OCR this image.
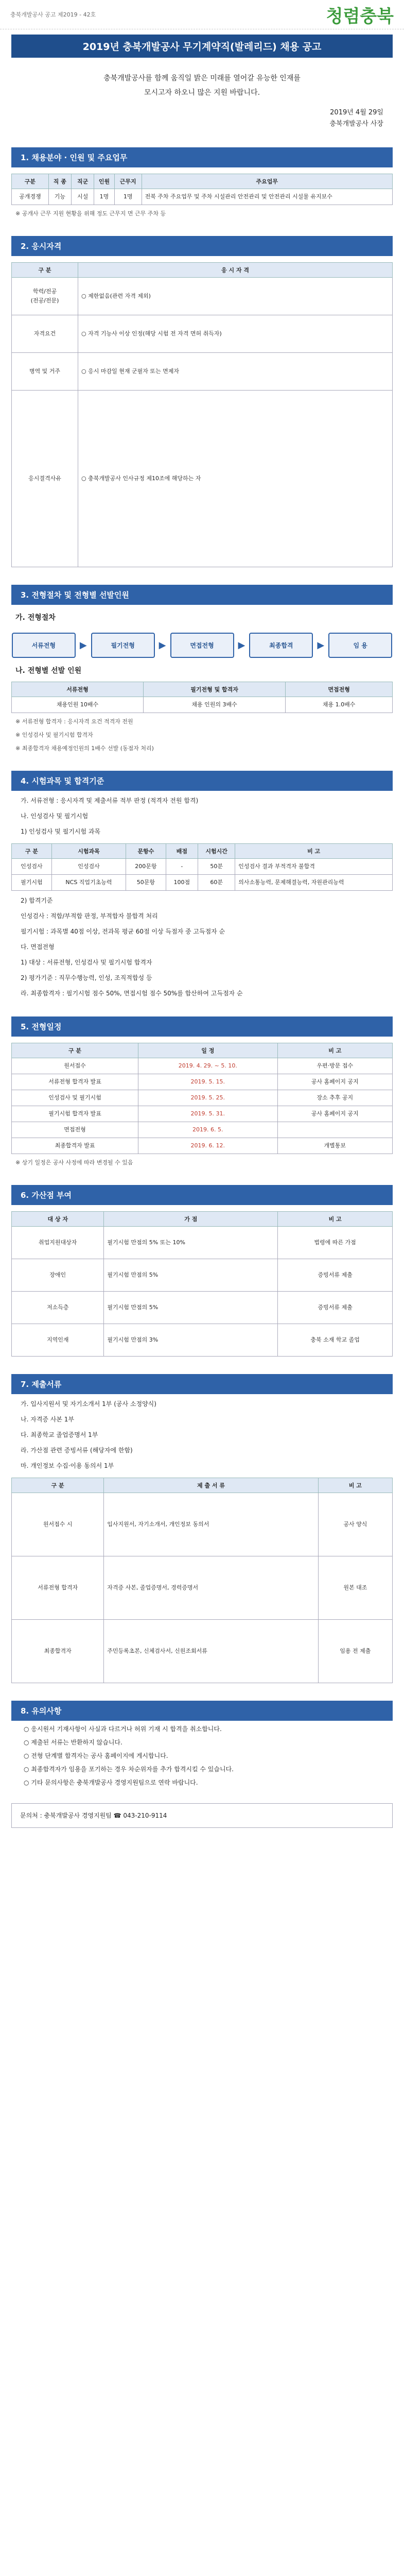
충북개발공사 공고 제2019 - 42호	청렴충북
2019년 충북개발공사 무기계약직(발레리드) 채용 공고
충북개발공사를 함께 움직일 밝은 미래를 열어갈 유능한 인재를
모시고자 하오니 많은 지원 바랍니다.
2019년 4월 29일
충북개발공사 사장
1. 채용분야 · 인원 및 주요업무
구분	직 종	직군	인원	근무지	주요업무
공개경쟁	기능	시설	1명	1명	전북 주차 주요업무 및 주차 시설관리 안전관리 및 안전관리 시설물 유지보수
※ 공개사 근무 지원 현황을 위해 정도 근무지 면 근무 주차 등
2. 응시자격
구 분	응 시 자 격
학력/전공
(전공/전문)	○ 제한없음(관련 자격 제외)
자격요건	○ 자격 기능사 이상 인정(해당 시험 전 자격 면허 취득자)
병역 및 거주	○ 응시 마감일 현재 군필자 또는 면제자
응시결격사유	○ 충북개발공사 인사규정 제10조에 해당하는 자
3. 전형절차 및 전형별 선발인원
가. 전형절차
서류전형	▶	필기전형	▶	면접전형	▶	최종합격	▶	임 용
나. 전형별 선발 인원
서류전형	필기전형 및 합격자	면접전형
채용인원 10배수	채용 인원의 3배수	채용 1.0배수
※ 서류전형 합격자 : 응시자격 요건 적격자 전원
※ 인성검사 및 필기시험 합격자
※ 최종합격자 채용예정인원의 1배수 선발 (동점자 처리)
4. 시험과목 및 합격기준
가. 서류전형 : 응시자격 및 제출서류 적부 판정 (적격자 전원 합격)
나. 인성검사 및 필기시험
1) 인성검사 및 필기시험 과목
구 분	시험과목	문항수	배점	시험시간	비 고
인성검사	인성검사	200문항	-	50분	인성검사 결과 부적격자 불합격
필기시험	NCS 직업기초능력	50문항	100점	60분	의사소통능력, 문제해결능력, 자원관리능력
2) 합격기준
인성검사 : 적합/부적합 판정, 부적합자 불합격 처리
필기시험 : 과목별 40점 이상, 전과목 평균 60점 이상 득점자 중 고득점자 순
다. 면접전형
1) 대상 : 서류전형, 인성검사 및 필기시험 합격자
2) 평가기준 : 직무수행능력, 인성, 조직적합성 등
라. 최종합격자 : 필기시험 점수 50%, 면접시험 점수 50%를 합산하여 고득점자 순
5. 전형일정
구 분	일 정	비 고
원서접수	2019. 4. 29. ~ 5. 10.	우편·방문 접수
서류전형 합격자 발표	2019. 5. 15.	공사 홈페이지 공지
인성검사 및 필기시험	2019. 5. 25.	장소 추후 공지
필기시험 합격자 발표	2019. 5. 31.	공사 홈페이지 공지
면접전형	2019. 6. 5.	
최종합격자 발표	2019. 6. 12.	개별통보
※ 상기 일정은 공사 사정에 따라 변경될 수 있음
6. 가산점 부여
대 상 자	가 점	비 고
취업지원대상자	필기시험 만점의 5% 또는 10%	법령에 따른 가점
장애인	필기시험 만점의 5%	증빙서류 제출
저소득층	필기시험 만점의 5%	증빙서류 제출
지역인재	필기시험 만점의 3%	충북 소재 학교 졸업
7. 제출서류
가. 입사지원서 및 자기소개서 1부 (공사 소정양식)
나. 자격증 사본 1부
다. 최종학교 졸업증명서 1부
라. 가산점 관련 증빙서류 (해당자에 한함)
마. 개인정보 수집·이용 동의서 1부
구 분	제 출 서 류	비 고
원서접수 시	입사지원서, 자기소개서, 개인정보 동의서	공사 양식
서류전형 합격자	자격증 사본, 졸업증명서, 경력증명서	원본 대조
최종합격자	주민등록초본, 신체검사서, 신원조회서류	임용 전 제출
8. 유의사항
○ 응시원서 기재사항이 사실과 다르거나 허위 기재 시 합격을 취소합니다.
○ 제출된 서류는 반환하지 않습니다.
○ 전형 단계별 합격자는 공사 홈페이지에 게시합니다.
○ 최종합격자가 임용을 포기하는 경우 차순위자를 추가 합격시킬 수 있습니다.
○ 기타 문의사항은 충북개발공사 경영지원팀으로 연락 바랍니다.
문의처 : 충북개발공사 경영지원팀 ☎ 043-210-9114
